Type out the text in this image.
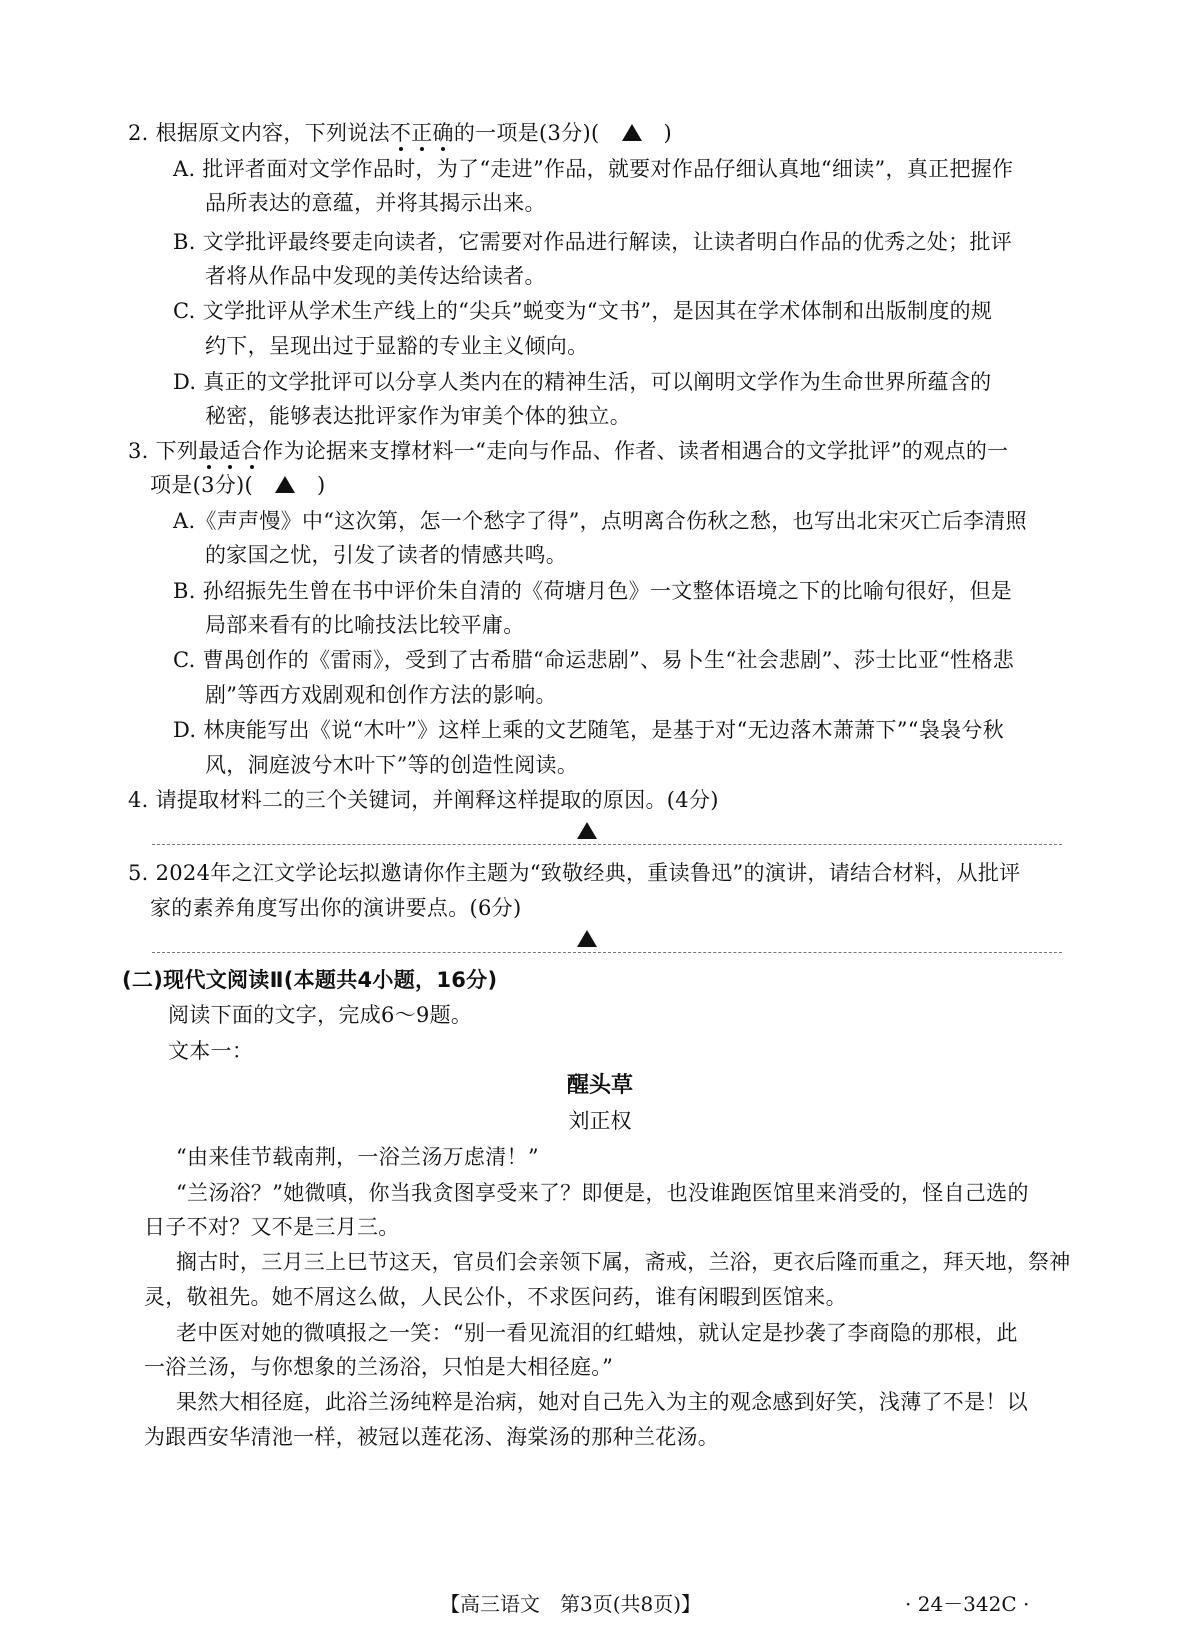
2. 根据原文内容，下列说法不正确的一项是(3分)(	)
A. 批评者面对文学作品时，为了“走进”作品，就要对作品仔细认真地“细读”，真正把握作
品所表达的意蕴，并将其揭示出来。
B. 文学批评最终要走向读者，它需要对作品进行解读，让读者明白作品的优秀之处；批评
者将从作品中发现的美传达给读者。
C. 文学批评从学术生产线上的“尖兵”蜕变为“文书”，是因其在学术体制和出版制度的规
约下，呈现出过于显豁的专业主义倾向。
D. 真正的文学批评可以分享人类内在的精神生活，可以阐明文学作为生命世界所蕴含的
秘密，能够表达批评家作为审美个体的独立。
3. 下列最适合作为论据来支撑材料一“走向与作品、作者、读者相遇合的文学批评”的观点的一
项是(3分)(	)
A.《声声慢》中“这次第，怎一个愁字了得”，点明离合伤秋之愁，也写出北宋灭亡后李清照
的家国之忧，引发了读者的情感共鸣。
B. 孙绍振先生曾在书中评价朱自清的《荷塘月色》一文整体语境之下的比喻句很好，但是
局部来看有的比喻技法比较平庸。
C. 曹禺创作的《雷雨》，受到了古希腊“命运悲剧”、易卜生“社会悲剧”、莎士比亚“性格悲
剧”等西方戏剧观和创作方法的影响。
D. 林庚能写出《说“木叶”》这样上乘的文艺随笔，是基于对“无边落木萧萧下”“袅袅兮秋
风，洞庭波兮木叶下”等的创造性阅读。
4. 请提取材料二的三个关键词，并阐释这样提取的原因。(4分)
5. 2024年之江文学论坛拟邀请你作主题为“致敬经典，重读鲁迅”的演讲，请结合材料，从批评
家的素养角度写出你的演讲要点。(6分)
(二)现代文阅读Ⅱ(本题共4小题，16分)
阅读下面的文字，完成6～9题。
文本一：
醒头草
刘正权
“由来佳节载南荆，一浴兰汤万虑清！”
“兰汤浴？”她微嗔，你当我贪图享受来了？即便是，也没谁跑医馆里来消受的，怪自己选的
日子不对？又不是三月三。
搁古时，三月三上巳节这天，官员们会亲领下属，斋戒，兰浴，更衣后隆而重之，拜天地，祭神
灵，敬祖先。她不屑这么做，人民公仆，不求医问药，谁有闲暇到医馆来。
老中医对她的微嗔报之一笑：“别一看见流泪的红蜡烛，就认定是抄袭了李商隐的那根，此
一浴兰汤，与你想象的兰汤浴，只怕是大相径庭。”
果然大相径庭，此浴兰汤纯粹是治病，她对自己先入为主的观念感到好笑，浅薄了不是！以
为跟西安华清池一样，被冠以莲花汤、海棠汤的那种兰花汤。
【高三语文　第3页(共8页)】	· 24－342C ·
